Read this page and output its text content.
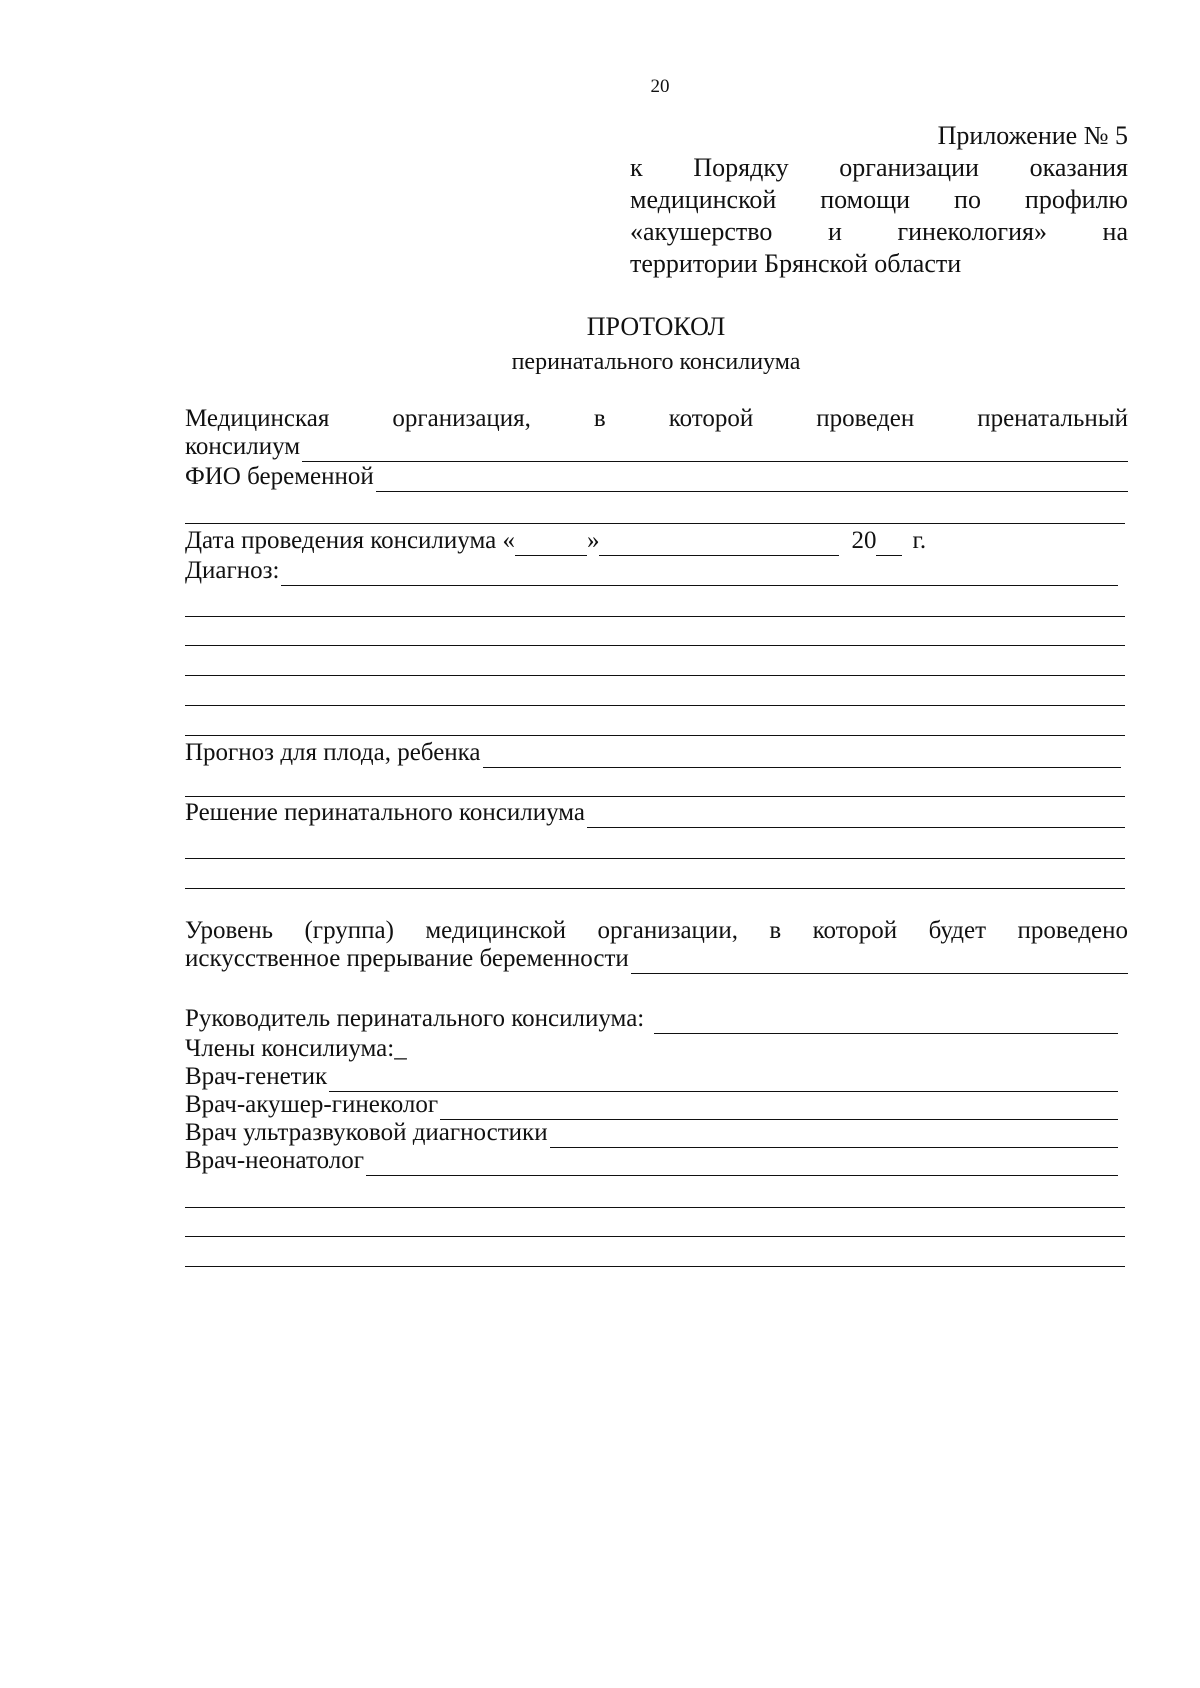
20
Приложение № 5
к Порядку организации оказания
медицинской помощи по профилю
«акушерство и гинекология» на
территории Брянской области
ПРОТОКОЛ
перинатального консилиума
Медицинская организация, в которой проведен пренатальный
консилиум
ФИО беременной
Дата проведения консилиума «	»	20 г.
Диагноз:
Прогноз для плода, ребенка
Решение перинатального консилиума
Уровень (группа) медицинской организации, в которой будет проведено
искусственное прерывание беременности
Руководитель перинатального консилиума:
Члены консилиума:_
Врач-генетик
Врач-акушер-гинеколог
Врач ультразвуковой диагностики
Врач-неонатолог
